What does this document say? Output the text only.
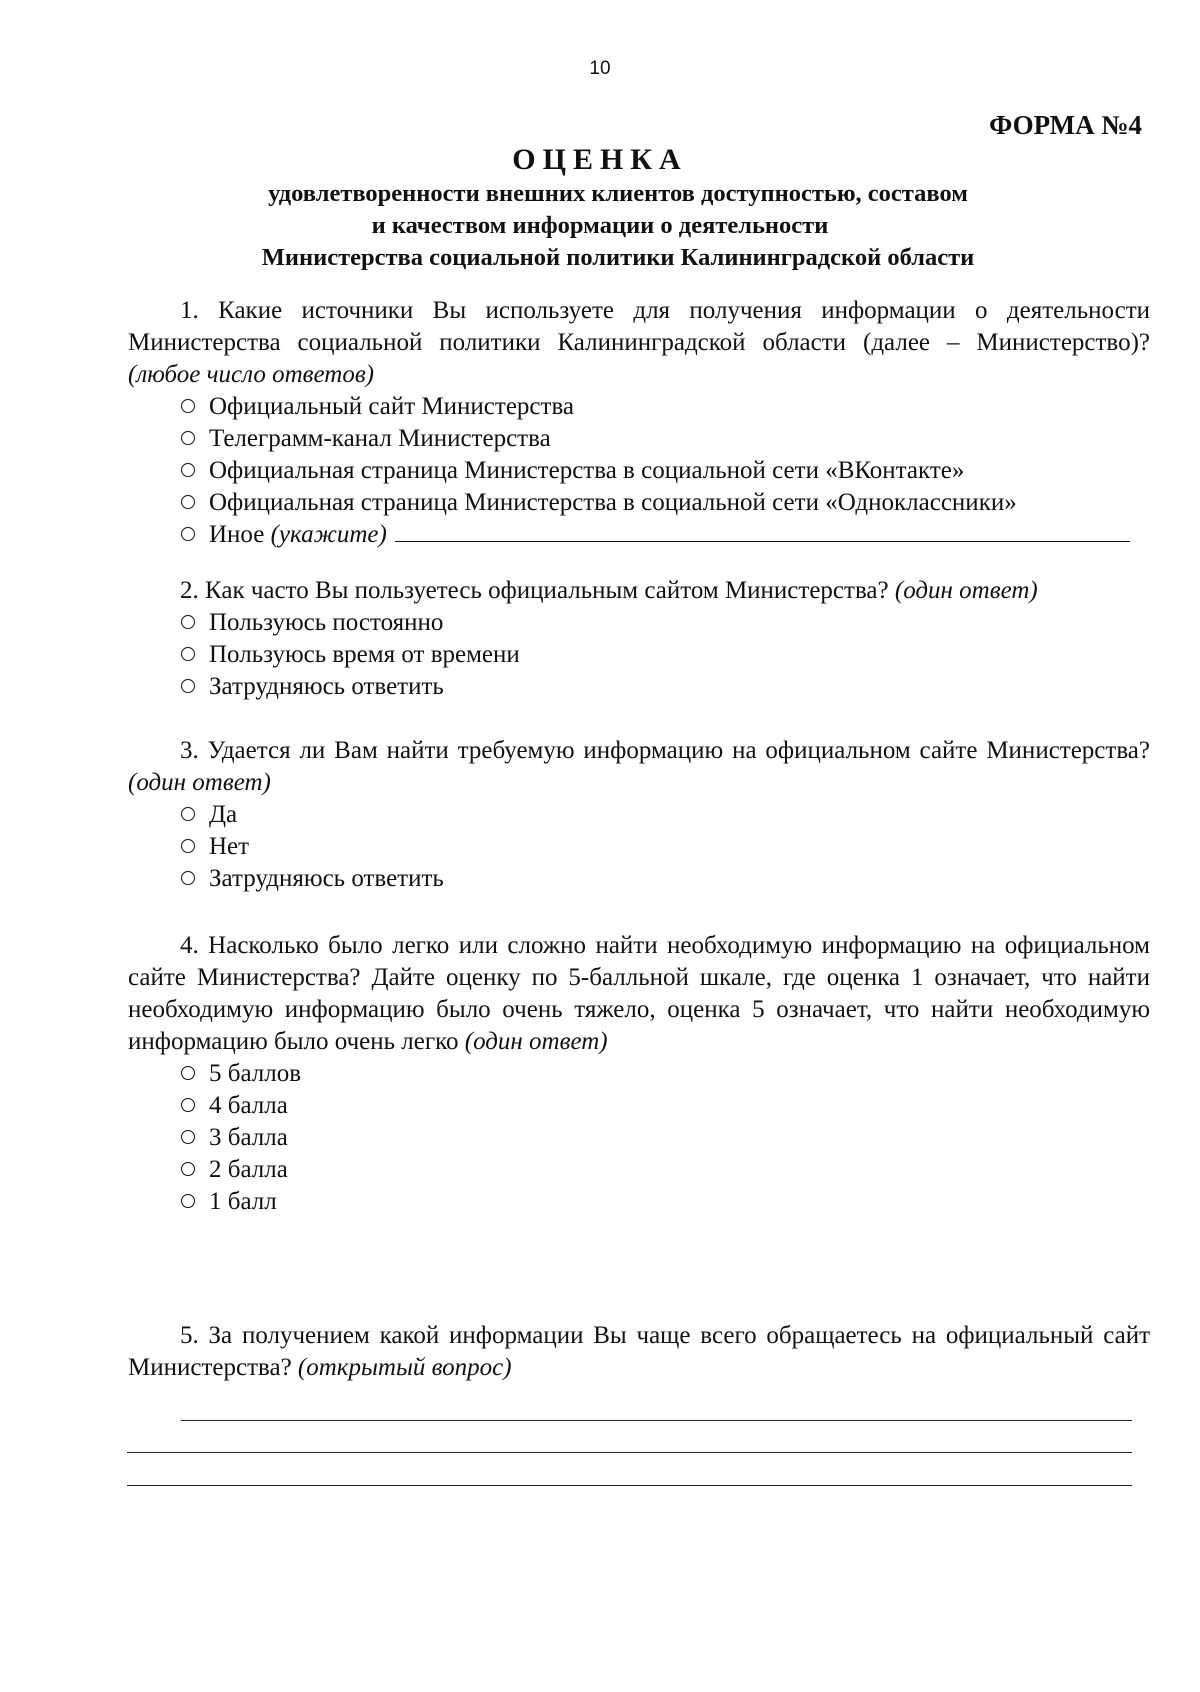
10
ФОРМА №4
ОЦЕНКА
удовлетворенности внешних клиентов доступностью, составом
и качеством информации о деятельности
Министерства социальной политики Калининградской области

1. Какие источники Вы используете для получения информации о деятельности Министерства социальной политики Калининградской области (далее – Министерство)? (любое число ответов)

Официальный сайт Министерства
Телеграмм-канал Министерства
Официальная страница Министерства в социальной сети «ВКонтакте»
Официальная страница Министерства в социальной сети «Одноклассники»
Иное
(укажите)

2. Как часто Вы пользуетесь официальным сайтом Министерства? (один ответ)

Пользуюсь постоянно
Пользуюсь время от времени
Затрудняюсь ответить

3. Удается ли Вам найти требуемую информацию на официальном сайте Министерства? (один ответ)

Да
Нет
Затрудняюсь ответить

4. Насколько было легко или сложно найти необходимую информацию на официальном сайте Министерства? Дайте оценку по 5-балльной шкале, где оценка 1 означает, что найти необходимую информацию было очень тяжело, оценка 5 означает, что найти необходимую информацию было очень легко (один ответ)

5 баллов
4 балла
3 балла
2 балла
1 балл

5. За получением какой информации Вы чаще всего обращаетесь на официальный сайт Министерства? (открытый вопрос)
